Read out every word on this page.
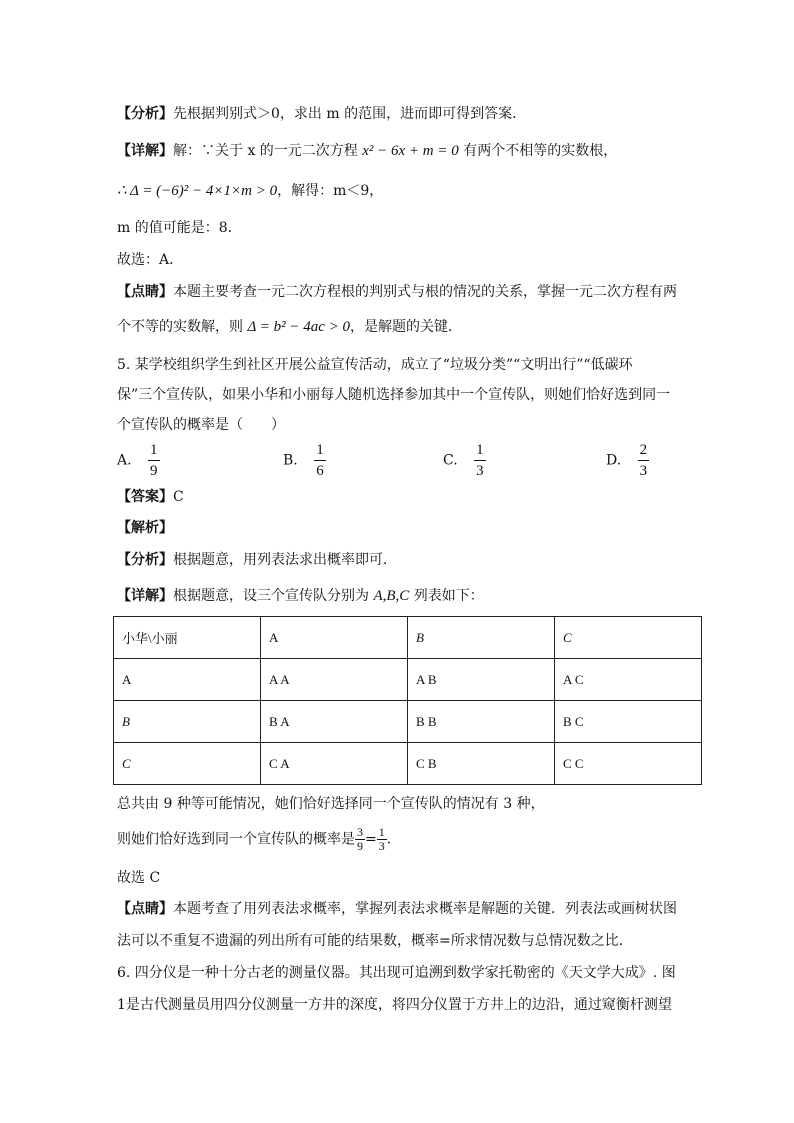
【分析】先根据判别式＞0，求出 m 的范围，进而即可得到答案．
【详解】解：∵关于 x 的一元二次方程 x² − 6x + m = 0 有两个不相等的实数根，
∴ Δ = (−6)² − 4×1×m > 0，解得：m＜9，
m 的值可能是：8．
故选：A．
【点睛】本题主要考查一元二次方程根的判别式与根的情况的关系，掌握一元二次方程有两
个不等的实数解，则 Δ = b² − 4ac > 0，是解题的关键．
5. 某学校组织学生到社区开展公益宣传活动，成立了“垃圾分类”“文明出行”“低碳环
保”三个宣传队，如果小华和小丽每人随机选择参加其中一个宣传队，则她们恰好选到同一
个宣传队的概率是（　　）
A. $\frac{1}{9}$	B. $\frac{1}{6}$	C. $\frac{1}{3}$	D. $\frac{2}{3}$
【答案】C
【解析】
【分析】根据题意，用列表法求出概率即可．
【详解】根据题意，设三个宣传队分别为 A,B,C 列表如下：
小华\小丽	A	B	C
A	A A	A B	A C
B	B A	B B	B C
C	C A	C B	C C
总共由 9 种等可能情况，她们恰好选择同一个宣传队的情况有 3 种，
则她们恰好选到同一个宣传队的概率是 $\frac{3}{9} = \frac{1}{3}$ ．
故选 C
【点睛】本题考查了用列表法求概率，掌握列表法求概率是解题的关键．列表法或画树状图
法可以不重复不遗漏的列出所有可能的结果数，概率=所求情况数与总情况数之比．
6. 四分仪是一种十分古老的测量仪器。其出现可追溯到数学家托勒密的《天文学大成》. 图
1是古代测量员用四分仪测量一方井的深度，将四分仪置于方井上的边沿，通过窥衡杆测望
